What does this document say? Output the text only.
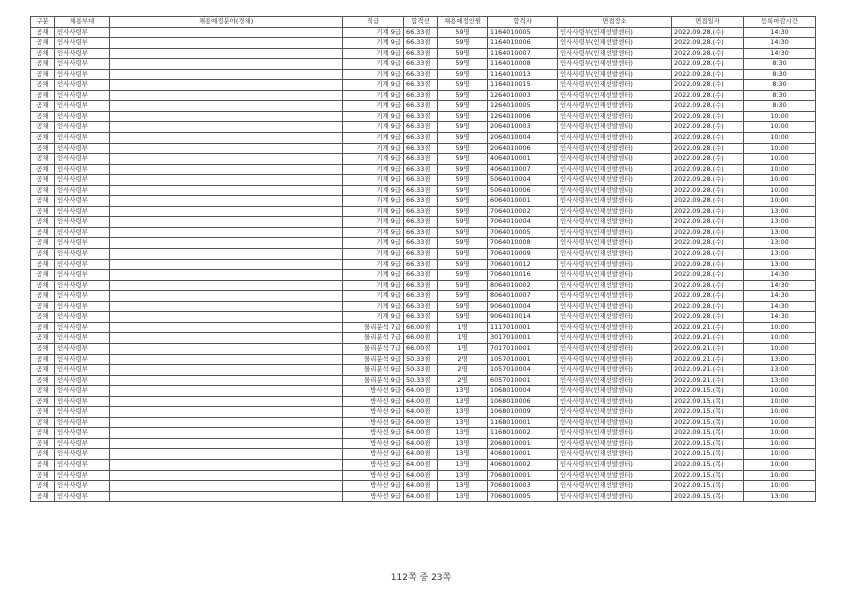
구분	채용부대	채용예정분야(경채)	직급	합격선	채용예정인원	합격자	면접장소	면접일자	등록마감시간
공채	인사사령부		기계 9급	66.33점	59명	1164010005	인사사령부(인재선발센터)	2022.09.28.(수)	14:30
공채	인사사령부		기계 9급	66.33점	59명	1164010006	인사사령부(인재선발센터)	2022.09.28.(수)	14:30
공채	인사사령부		기계 9급	66.33점	59명	1164010007	인사사령부(인재선발센터)	2022.09.28.(수)	14:30
공채	인사사령부		기계 9급	66.33점	59명	1164010008	인사사령부(인재선발센터)	2022.09.28.(수)	8:30
공채	인사사령부		기계 9급	66.33점	59명	1164010013	인사사령부(인재선발센터)	2022.09.28.(수)	8:30
공채	인사사령부		기계 9급	66.33점	59명	1164010015	인사사령부(인재선발센터)	2022.09.28.(수)	8:30
공채	인사사령부		기계 9급	66.33점	59명	1264010003	인사사령부(인재선발센터)	2022.09.28.(수)	8:30
공채	인사사령부		기계 9급	66.33점	59명	1264010005	인사사령부(인재선발센터)	2022.09.28.(수)	8:30
공채	인사사령부		기계 9급	66.33점	59명	1264010006	인사사령부(인재선발센터)	2022.09.28.(수)	10:00
공채	인사사령부		기계 9급	66.33점	59명	2064010003	인사사령부(인재선발센터)	2022.09.28.(수)	10:00
공채	인사사령부		기계 9급	66.33점	59명	2064010004	인사사령부(인재선발센터)	2022.09.28.(수)	10:00
공채	인사사령부		기계 9급	66.33점	59명	2064010006	인사사령부(인재선발센터)	2022.09.28.(수)	10:00
공채	인사사령부		기계 9급	66.33점	59명	4064010001	인사사령부(인재선발센터)	2022.09.28.(수)	10:00
공채	인사사령부		기계 9급	66.33점	59명	4064010007	인사사령부(인재선발센터)	2022.09.28.(수)	10:00
공채	인사사령부		기계 9급	66.33점	59명	5064010004	인사사령부(인재선발센터)	2022.09.28.(수)	10:00
공채	인사사령부		기계 9급	66.33점	59명	5064010006	인사사령부(인재선발센터)	2022.09.28.(수)	10:00
공채	인사사령부		기계 9급	66.33점	59명	6064010001	인사사령부(인재선발센터)	2022.09.28.(수)	10:00
공채	인사사령부		기계 9급	66.33점	59명	7064010002	인사사령부(인재선발센터)	2022.09.28.(수)	13:00
공채	인사사령부		기계 9급	66.33점	59명	7064010004	인사사령부(인재선발센터)	2022.09.28.(수)	13:00
공채	인사사령부		기계 9급	66.33점	59명	7064010005	인사사령부(인재선발센터)	2022.09.28.(수)	13:00
공채	인사사령부		기계 9급	66.33점	59명	7064010008	인사사령부(인재선발센터)	2022.09.28.(수)	13:00
공채	인사사령부		기계 9급	66.33점	59명	7064010009	인사사령부(인재선발센터)	2022.09.28.(수)	13:00
공채	인사사령부		기계 9급	66.33점	59명	7064010012	인사사령부(인재선발센터)	2022.09.28.(수)	13:00
공채	인사사령부		기계 9급	66.33점	59명	7064010016	인사사령부(인재선발센터)	2022.09.28.(수)	14:30
공채	인사사령부		기계 9급	66.33점	59명	8064010002	인사사령부(인재선발센터)	2022.09.28.(수)	14:30
공채	인사사령부		기계 9급	66.33점	59명	8064010007	인사사령부(인재선발센터)	2022.09.28.(수)	14:30
공채	인사사령부		기계 9급	66.33점	59명	9064010004	인사사령부(인재선발센터)	2022.09.28.(수)	14:30
공채	인사사령부		기계 9급	66.33점	59명	9064010014	인사사령부(인재선발센터)	2022.09.28.(수)	14:30
공채	인사사령부		물리분석 7급	66.00점	1명	1117010001	인사사령부(인재선발센터)	2022.09.21.(수)	10:00
공채	인사사령부		물리분석 7급	66.00점	1명	3017010001	인사사령부(인재선발센터)	2022.09.21.(수)	10:00
공채	인사사령부		물리분석 7급	66.00점	1명	7017010001	인사사령부(인재선발센터)	2022.09.21.(수)	10:00
공채	인사사령부		물리분석 9급	50.33점	2명	1057010001	인사사령부(인재선발센터)	2022.09.21.(수)	13:00
공채	인사사령부		물리분석 9급	50.33점	2명	1057010004	인사사령부(인재선발센터)	2022.09.21.(수)	13:00
공채	인사사령부		물리분석 9급	50.33점	2명	6057010001	인사사령부(인재선발센터)	2022.09.21.(수)	13:00
공채	인사사령부		방사선 9급	64.00점	13명	1068010004	인사사령부(인재선발센터)	2022.09.15.(목)	10:00
공채	인사사령부		방사선 9급	64.00점	13명	1068010006	인사사령부(인재선발센터)	2022.09.15.(목)	10:00
공채	인사사령부		방사선 9급	64.00점	13명	1068010009	인사사령부(인재선발센터)	2022.09.15.(목)	10:00
공채	인사사령부		방사선 9급	64.00점	13명	1168010001	인사사령부(인재선발센터)	2022.09.15.(목)	10:00
공채	인사사령부		방사선 9급	64.00점	13명	1168010002	인사사령부(인재선발센터)	2022.09.15.(목)	10:00
공채	인사사령부		방사선 9급	64.00점	13명	2068010001	인사사령부(인재선발센터)	2022.09.15.(목)	10:00
공채	인사사령부		방사선 9급	64.00점	13명	4068010001	인사사령부(인재선발센터)	2022.09.15.(목)	10:00
공채	인사사령부		방사선 9급	64.00점	13명	4068010002	인사사령부(인재선발센터)	2022.09.15.(목)	10:00
공채	인사사령부		방사선 9급	64.00점	13명	7068010001	인사사령부(인재선발센터)	2022.09.15.(목)	10:00
공채	인사사령부		방사선 9급	64.00점	13명	7068010003	인사사령부(인재선발센터)	2022.09.15.(목)	10:00
공채	인사사령부		방사선 9급	64.00점	13명	7068010005	인사사령부(인재선발센터)	2022.09.15.(목)	13:00
112쪽 중 23쪽
